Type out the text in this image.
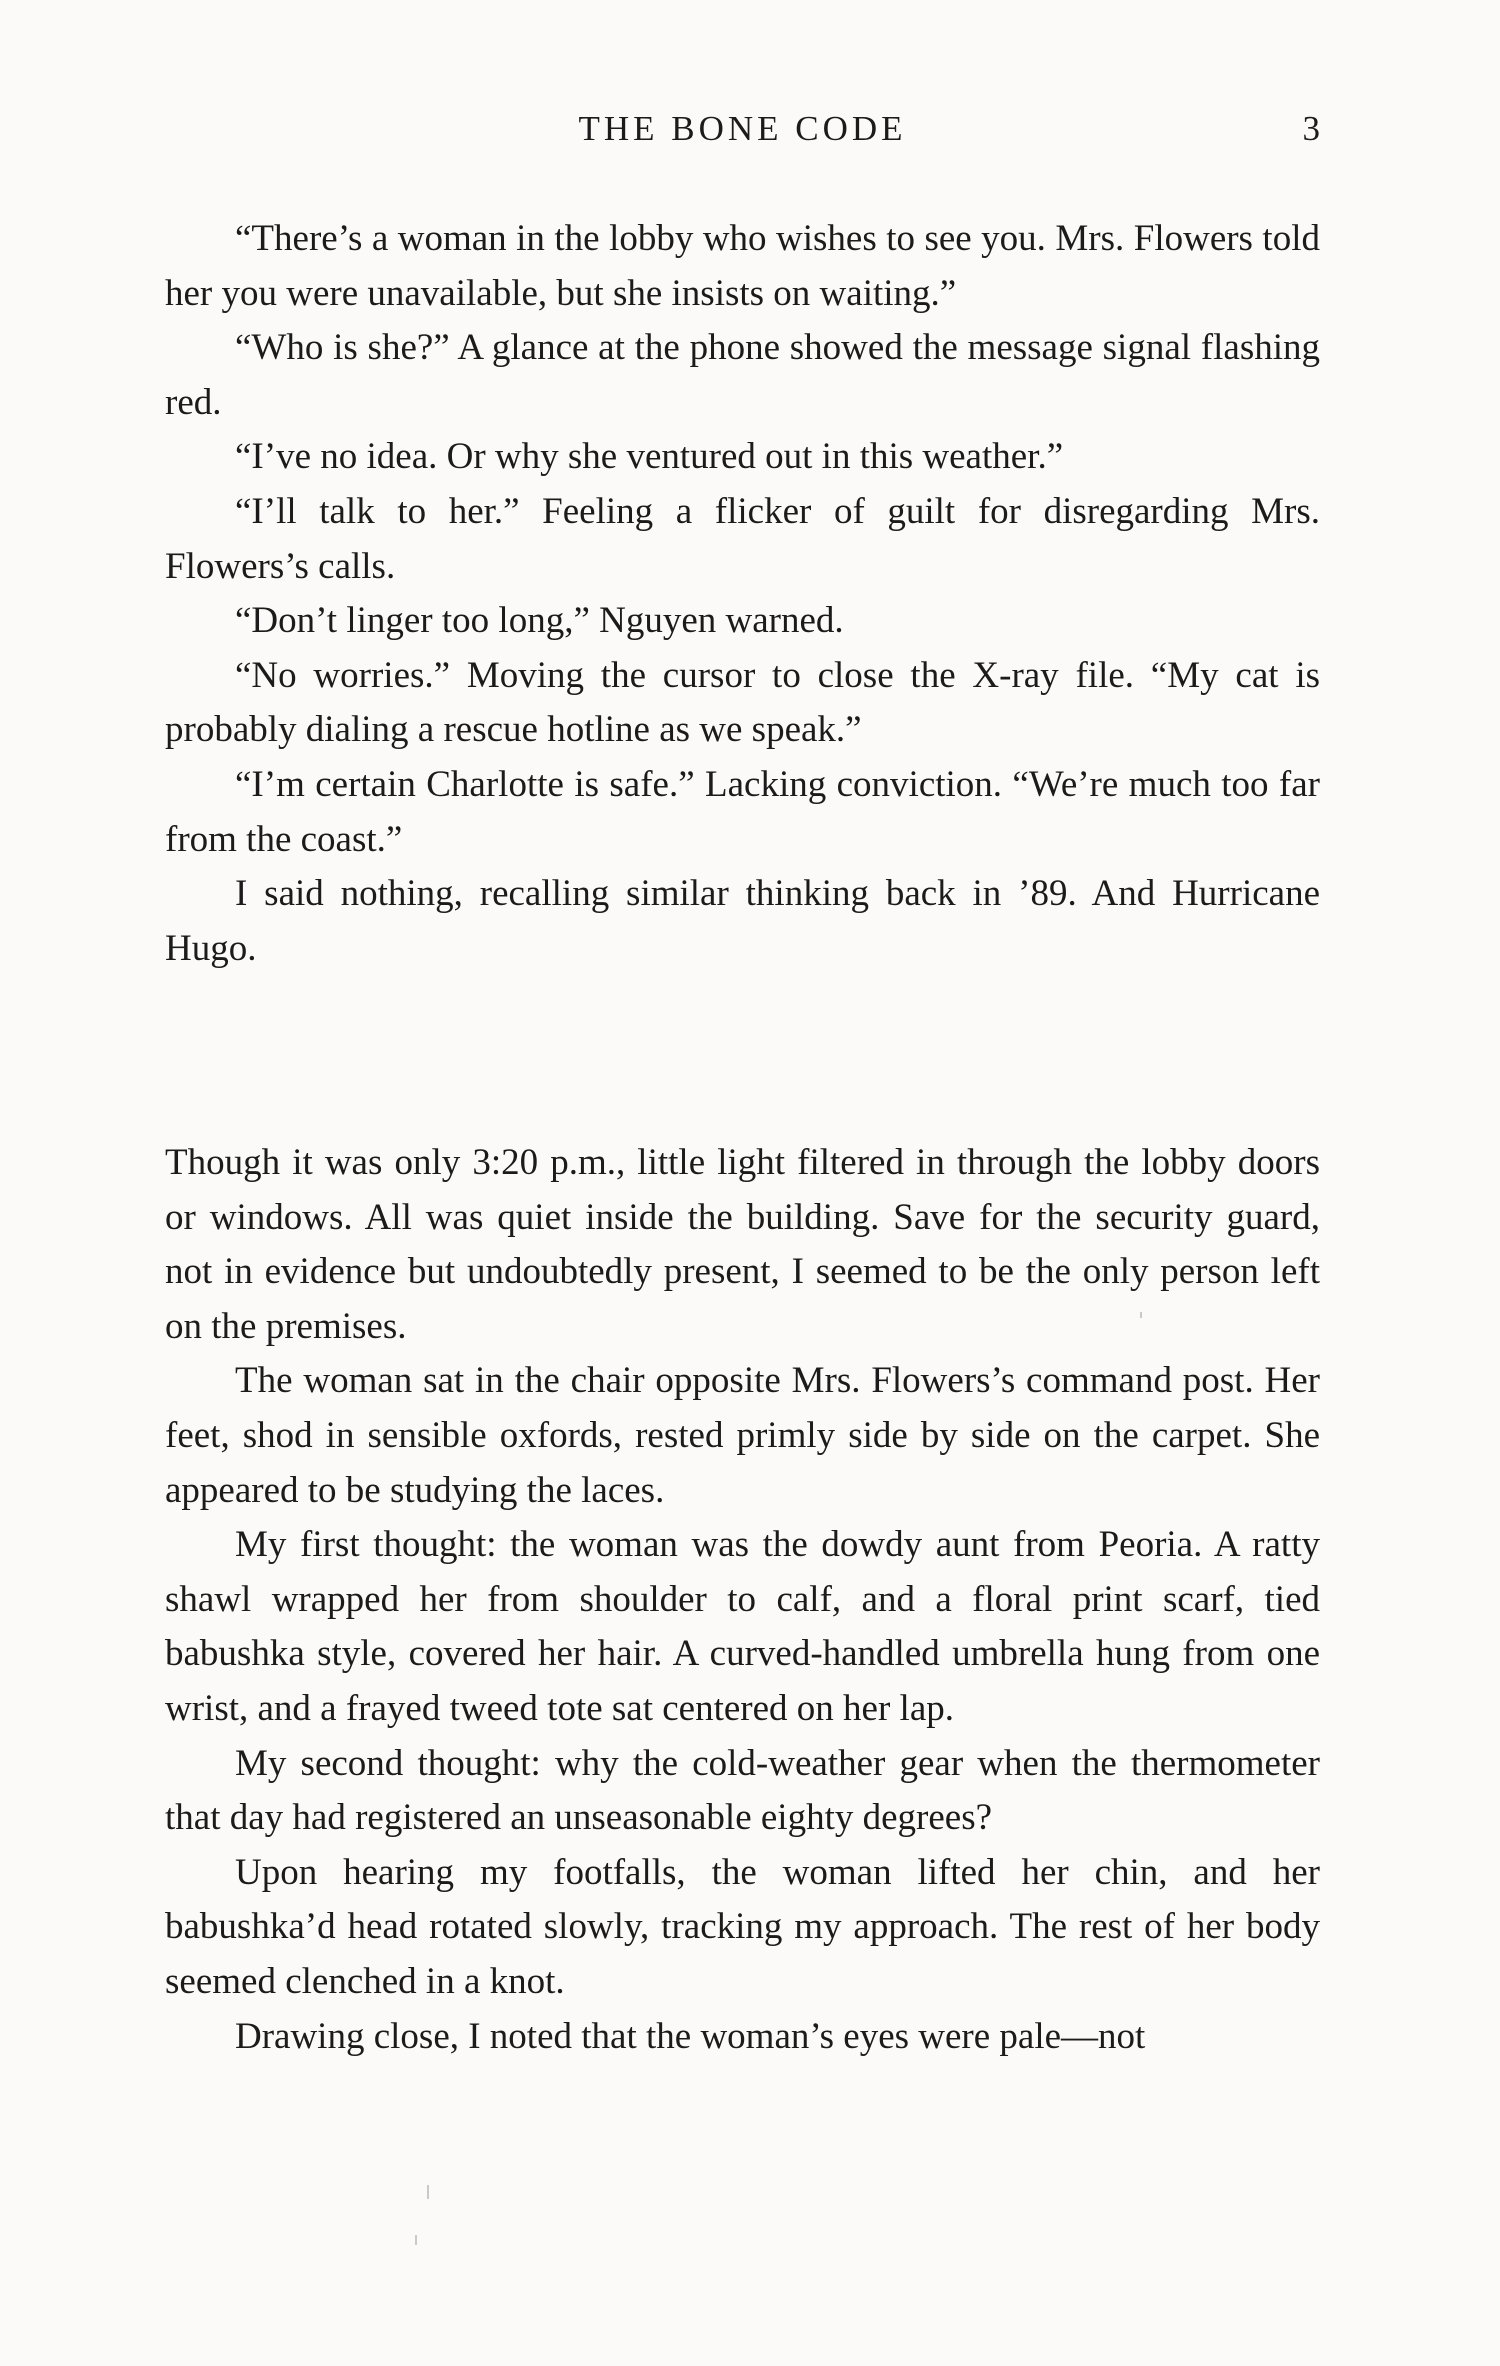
THE BONE CODE	3

“There’s a woman in the lobby who wishes to see you. Mrs. Flowers told her you were unavailable, but she insists on waiting.”

“Who is she?” A glance at the phone showed the message signal flashing red.

“I’ve no idea. Or why she ventured out in this weather.”

“I’ll talk to her.” Feeling a flicker of guilt for disregarding Mrs. Flowers’s calls.

“Don’t linger too long,” Nguyen warned.

“No worries.” Moving the cursor to close the X-ray file. “My cat is probably dialing a rescue hotline as we speak.”

“I’m certain Charlotte is safe.” Lacking conviction. “We’re much too far from the coast.”

I said nothing, recalling similar thinking back in ’89. And Hurricane Hugo.

Though it was only 3:20 p.m., little light filtered in through the lobby doors or windows. All was quiet inside the building. Save for the security guard, not in evidence but undoubtedly present, I seemed to be the only person left on the premises.

The woman sat in the chair opposite Mrs. Flowers’s command post. Her feet, shod in sensible oxfords, rested primly side by side on the carpet. She appeared to be studying the laces.

My first thought: the woman was the dowdy aunt from Peoria. A ratty shawl wrapped her from shoulder to calf, and a floral print scarf, tied babushka style, covered her hair. A curved-handled umbrella hung from one wrist, and a frayed tweed tote sat centered on her lap.

My second thought: why the cold-weather gear when the thermometer that day had registered an unseasonable eighty degrees?

Upon hearing my footfalls, the woman lifted her chin, and her babushka’d head rotated slowly, tracking my approach. The rest of her body seemed clenched in a knot.

Drawing close, I noted that the woman’s eyes were pale—not
